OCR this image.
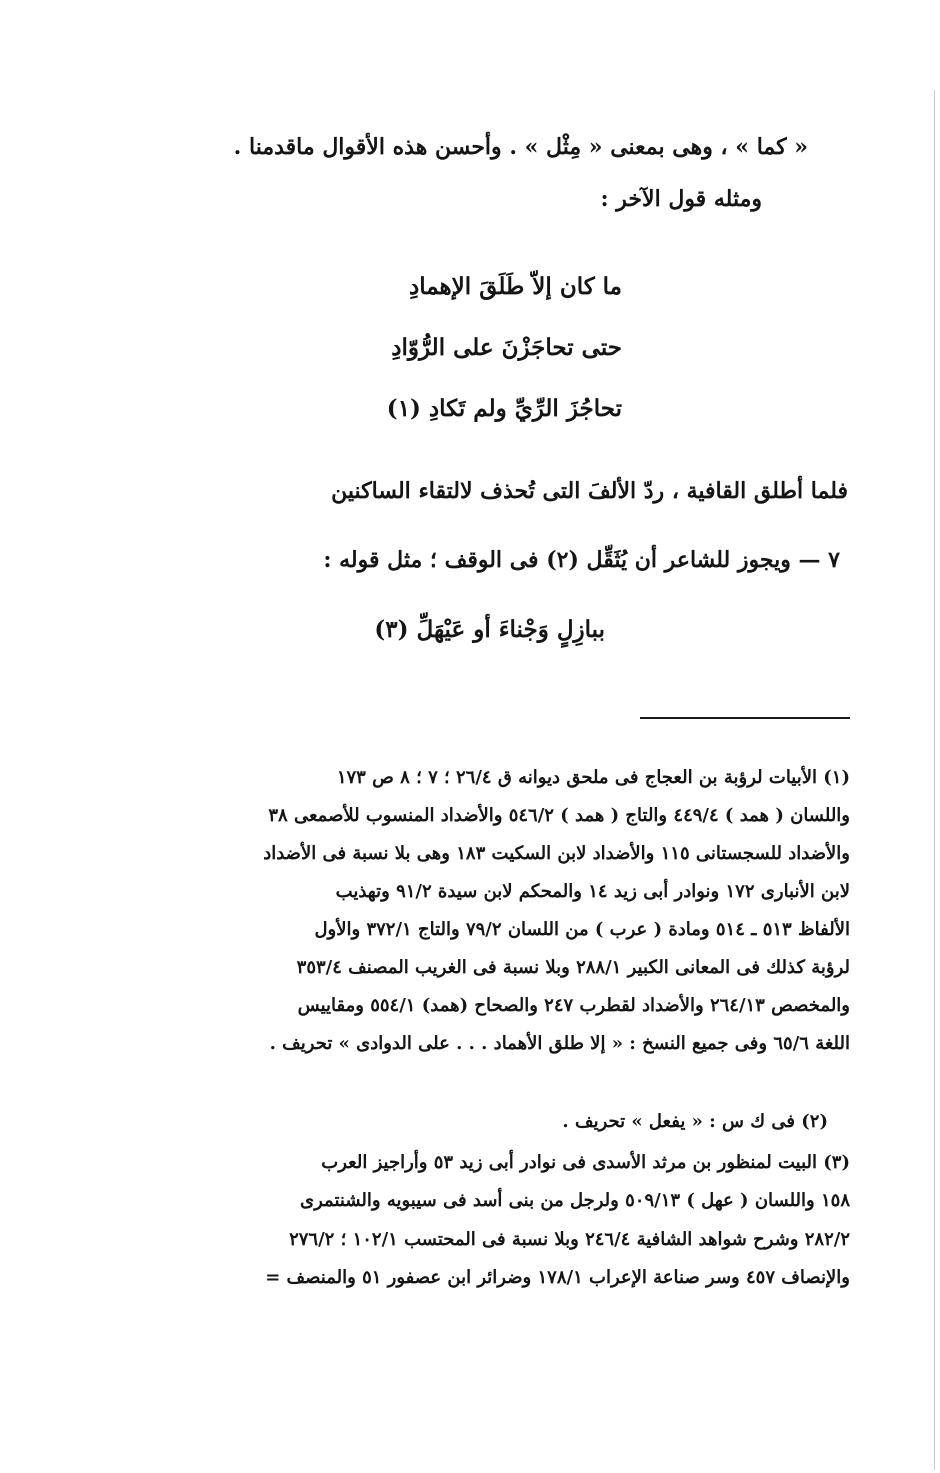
« كما » ، وهى بمعنى « مِثْل » . وأحسن هذه الأقوال ماقدمنا .
ومثله قول الآخر :
ما كان إلاّ طَلَقَ الإهمادِ
حتى تحاجَزْنَ على الرُّوّادِ
تحاجُزَ الرِّيِّ ولم تَكادِ (١)
فلما أطلق القافية ، ردّ الألفَ التى تُحذف لالتقاء الساكنين
٧ — ويجوز للشاعر أن يُثَقِّل (٢) فى الوقف ؛ مثل قوله :
ببازِلٍ وَجْناءَ أو عَيْهَلِّ (٣)
(١) الأبيات لرؤبة بن العجاج فى ملحق ديوانه ق ٢٦/٤ ؛ ٧ ؛ ٨ ص ١٧٣
واللسان ( همد ) ٤٤٩/٤ والتاج ( همد ) ٥٤٦/٢ والأضداد المنسوب للأصمعى ٣٨
والأضداد للسجستانى ١١٥ والأضداد لابن السكيت ١٨٣ وهى بلا نسبة فى الأضداد
لابن الأنبارى ١٧٢ ونوادر أبى زيد ١٤ والمحكم لابن سيدة ٩١/٢ وتهذيب
الألفاظ ٥١٣ ـ ٥١٤ ومادة ( عرب ) من اللسان ٧٩/٢ والتاج ٣٧٢/١ والأول
لرؤبة كذلك فى المعانى الكبير ٢٨٨/١ وبلا نسبة فى الغريب المصنف ٣٥٣/٤
والمخصص ٢٦٤/١٣ والأضداد لقطرب ٢٤٧ والصحاح (همد) ٥٥٤/١ ومقاييس
اللغة ٦٥/٦ وفى جميع النسخ : « إلا طلق الأهماد . . . على الدوادى » تحريف .
(٢) فى ك س : « يفعل » تحريف .
(٣) البيت لمنظور بن مرثد الأسدى فى نوادر أبى زيد ٥٣ وأراجيز العرب
١٥٨ واللسان ( عهل ) ٥٠٩/١٣ ولرجل من بنى أسد فى سيبويه والشنتمرى
٢٨٢/٢ وشرح شواهد الشافية ٢٤٦/٤ وبلا نسبة فى المحتسب ١٠٢/١ ؛ ٢٧٦/٢
والإنصاف ٤٥٧ وسر صناعة الإعراب ١٧٨/١ وضرائر ابن عصفور ٥١ والمنصف =
